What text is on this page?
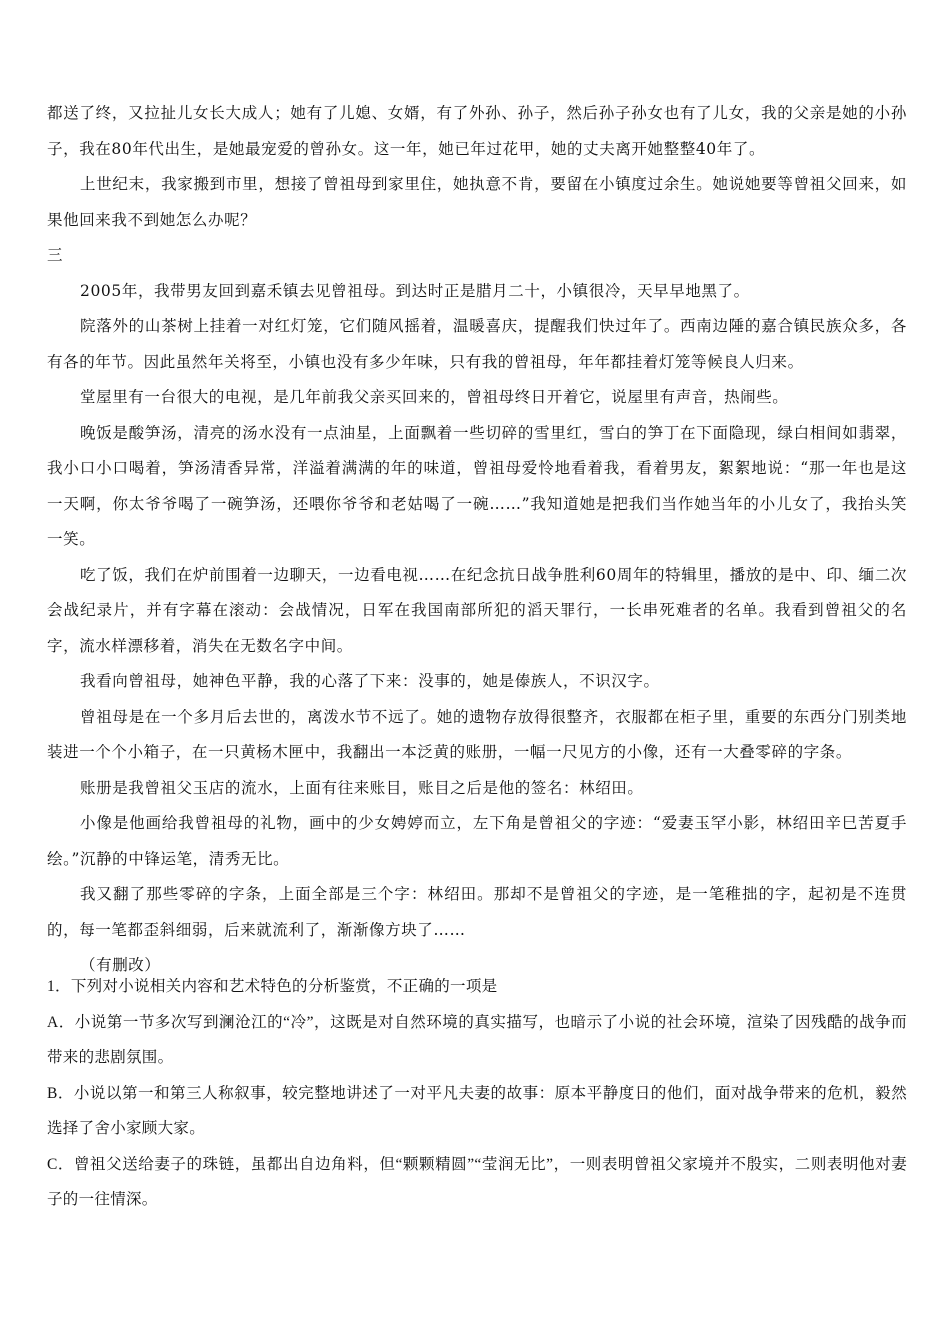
都送了终，又拉扯儿女长大成人；她有了儿媳、女婿，有了外孙、孙子，然后孙子孙女也有了儿女，我的父亲是她的小孙子，我在80年代出生，是她最宠爱的曾孙女。这一年，她已年过花甲，她的丈夫离开她整整40年了。

上世纪末，我家搬到市里，想接了曾祖母到家里住，她执意不肯，要留在小镇度过余生。她说她要等曾祖父回来，如果他回来我不到她怎么办呢？

三

2005年，我带男友回到嘉禾镇去见曾祖母。到达时正是腊月二十，小镇很冷，天早早地黑了。

院落外的山茶树上挂着一对红灯笼，它们随风摇着，温暖喜庆，提醒我们快过年了。西南边陲的嘉合镇民族众多，各有各的年节。因此虽然年关将至，小镇也没有多少年味，只有我的曾祖母，年年都挂着灯笼等候良人归来。

堂屋里有一台很大的电视，是几年前我父亲买回来的，曾祖母终日开着它，说屋里有声音，热闹些。

晚饭是酸笋汤，清亮的汤水没有一点油星，上面飘着一些切碎的雪里红，雪白的笋丁在下面隐现，绿白相间如翡翠，我小口小口喝着，笋汤清香异常，洋溢着满满的年的味道，曾祖母爱怜地看着我，看着男友，絮絮地说：“那一年也是这一天啊，你太爷爷喝了一碗笋汤，还喂你爷爷和老姑喝了一碗……”我知道她是把我们当作她当年的小儿女了，我抬头笑一笑。

吃了饭，我们在炉前围着一边聊天，一边看电视……在纪念抗日战争胜利60周年的特辑里，播放的是中、印、缅二次会战纪录片，并有字幕在滚动：会战情况，日军在我国南部所犯的滔天罪行，一长串死难者的名单。我看到曾祖父的名字，流水样漂移着，消失在无数名字中间。

我看向曾祖母，她神色平静，我的心落了下来：没事的，她是傣族人，不识汉字。

曾祖母是在一个多月后去世的，离泼水节不远了。她的遗物存放得很整齐，衣服都在柜子里，重要的东西分门别类地装进一个个小箱子，在一只黄杨木匣中，我翻出一本泛黄的账册，一幅一尺见方的小像，还有一大叠零碎的字条。

账册是我曾祖父玉店的流水，上面有往来账目，账目之后是他的签名：林绍田。

小像是他画给我曾祖母的礼物，画中的少女娉婷而立，左下角是曾祖父的字迹：“爱妻玉罕小影，林绍田辛巳苦夏手绘。”沉静的中锋运笔，清秀无比。

我又翻了那些零碎的字条，上面全部是三个字：林绍田。那却不是曾祖父的字迹，是一笔稚拙的字，起初是不连贯的，每一笔都歪斜细弱，后来就流利了，渐渐像方块了……

（有删改）

1．下列对小说相关内容和艺术特色的分析鉴赏，不正确的一项是

A．小说第一节多次写到澜沧江的“冷”，这既是对自然环境的真实描写，也暗示了小说的社会环境，渲染了因残酷的战争而带来的悲剧氛围。

B．小说以第一和第三人称叙事，较完整地讲述了一对平凡夫妻的故事：原本平静度日的他们，面对战争带来的危机，毅然选择了舍小家顾大家。

C．曾祖父送给妻子的珠链，虽都出自边角料，但“颗颗精圆”“莹润无比”，一则表明曾祖父家境并不殷实，二则表明他对妻子的一往情深。
